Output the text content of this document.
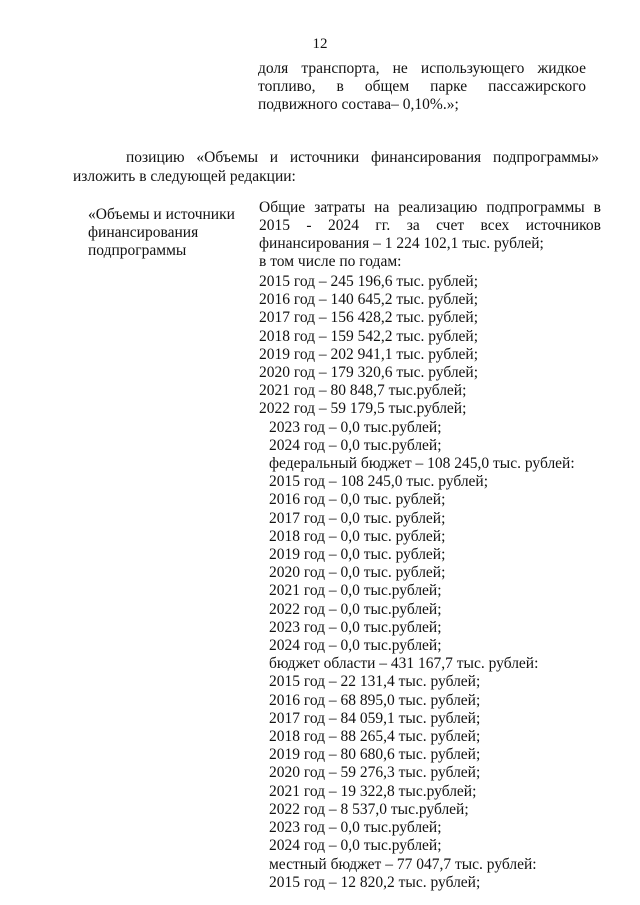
12
доля транспорта, не использующего жидкое
топливо, в общем парке пассажирского
подвижного состава– 0,10%.»;
позицию «Объемы и источники финансирования подпрограммы»
изложить в следующей редакции:
«Объемы и источники
финансирования
подпрограммы
Общие затраты на реализацию подпрограммы в
2015 - 2024 гг. за счет всех источников
финансирования – 1 224 102,1 тыс. рублей;
в том числе по годам:
2015 год – 245 196,6 тыс. рублей;
2016 год – 140 645,2 тыс. рублей;
2017 год – 156 428,2 тыс. рублей;
2018 год – 159 542,2 тыс. рублей;
2019 год – 202 941,1 тыс. рублей;
2020 год – 179 320,6 тыс. рублей;
2021 год – 80 848,7 тыс.рублей;
2022 год – 59 179,5 тыс.рублей;
2023 год – 0,0 тыс.рублей;
2024 год – 0,0 тыс.рублей;
федеральный бюджет – 108 245,0 тыс. рублей:
2015 год – 108 245,0 тыс. рублей;
2016 год – 0,0 тыс. рублей;
2017 год – 0,0 тыс. рублей;
2018 год – 0,0 тыс. рублей;
2019 год – 0,0 тыс. рублей;
2020 год – 0,0 тыс. рублей;
2021 год – 0,0 тыс.рублей;
2022 год – 0,0 тыс.рублей;
2023 год – 0,0 тыс.рублей;
2024 год – 0,0 тыс.рублей;
бюджет области – 431 167,7 тыс. рублей:
2015 год – 22 131,4 тыс. рублей;
2016 год – 68 895,0 тыс. рублей;
2017 год – 84 059,1 тыс. рублей;
2018 год – 88 265,4 тыс. рублей;
2019 год – 80 680,6 тыс. рублей;
2020 год – 59 276,3 тыс. рублей;
2021 год – 19 322,8 тыс.рублей;
2022 год – 8 537,0 тыс.рублей;
2023 год – 0,0 тыс.рублей;
2024 год – 0,0 тыс.рублей;
местный бюджет – 77 047,7 тыс. рублей:
2015 год – 12 820,2 тыс. рублей;
